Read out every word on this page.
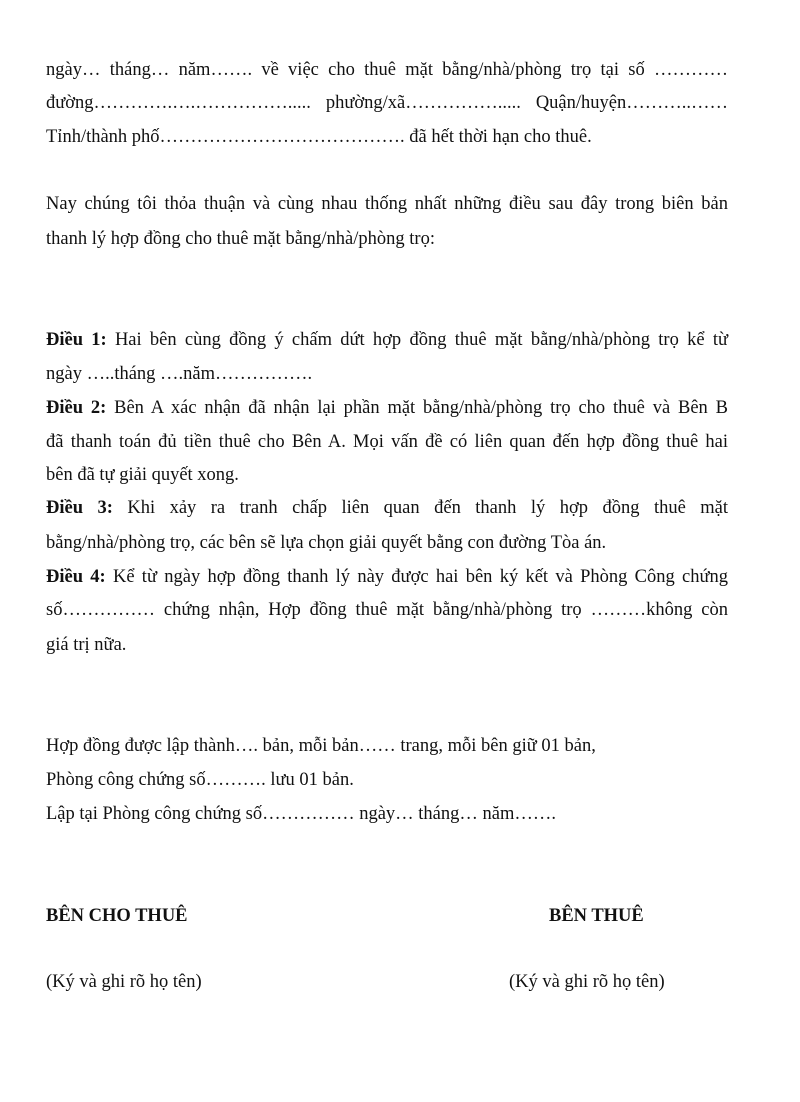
ngày… tháng… năm……. về việc cho thuê mặt bằng/nhà/phòng trọ tại số …………
đường………….….……………..... phường/xã……………..... Quận/huyện………..……
Tỉnh/thành phố…………………………………. đã hết thời hạn cho thuê.
Nay chúng tôi thỏa thuận và cùng nhau thống nhất những điều sau đây trong biên bản
thanh lý hợp đồng cho thuê mặt bằng/nhà/phòng trọ:
Điều 1: Hai bên cùng đồng ý chấm dứt hợp đồng thuê mặt bằng/nhà/phòng trọ kể từ
ngày …..tháng ….năm…………….
Điều 2: Bên A xác nhận đã nhận lại phần mặt bằng/nhà/phòng trọ cho thuê và Bên B
đã thanh toán đủ tiền thuê cho Bên A. Mọi vấn đề có liên quan đến hợp đồng thuê hai
bên đã tự giải quyết xong.
Điều 3: Khi xảy ra tranh chấp liên quan đến thanh lý hợp đồng thuê mặt
bằng/nhà/phòng trọ, các bên sẽ lựa chọn giải quyết bằng con đường Tòa án.
Điều 4: Kể từ ngày hợp đồng thanh lý này được hai bên ký kết và Phòng Công chứng
số…………… chứng nhận, Hợp đồng thuê mặt bằng/nhà/phòng trọ ………không còn
giá trị nữa.
Hợp đồng được lập thành…. bản, mỗi bản…… trang, mỗi bên giữ 01 bản,
Phòng công chứng số………. lưu 01 bản.
Lập tại Phòng công chứng số…………… ngày… tháng… năm…….
BÊN CHO THUÊ	BÊN THUÊ
(Ký và ghi rõ họ tên)	(Ký và ghi rõ họ tên)
